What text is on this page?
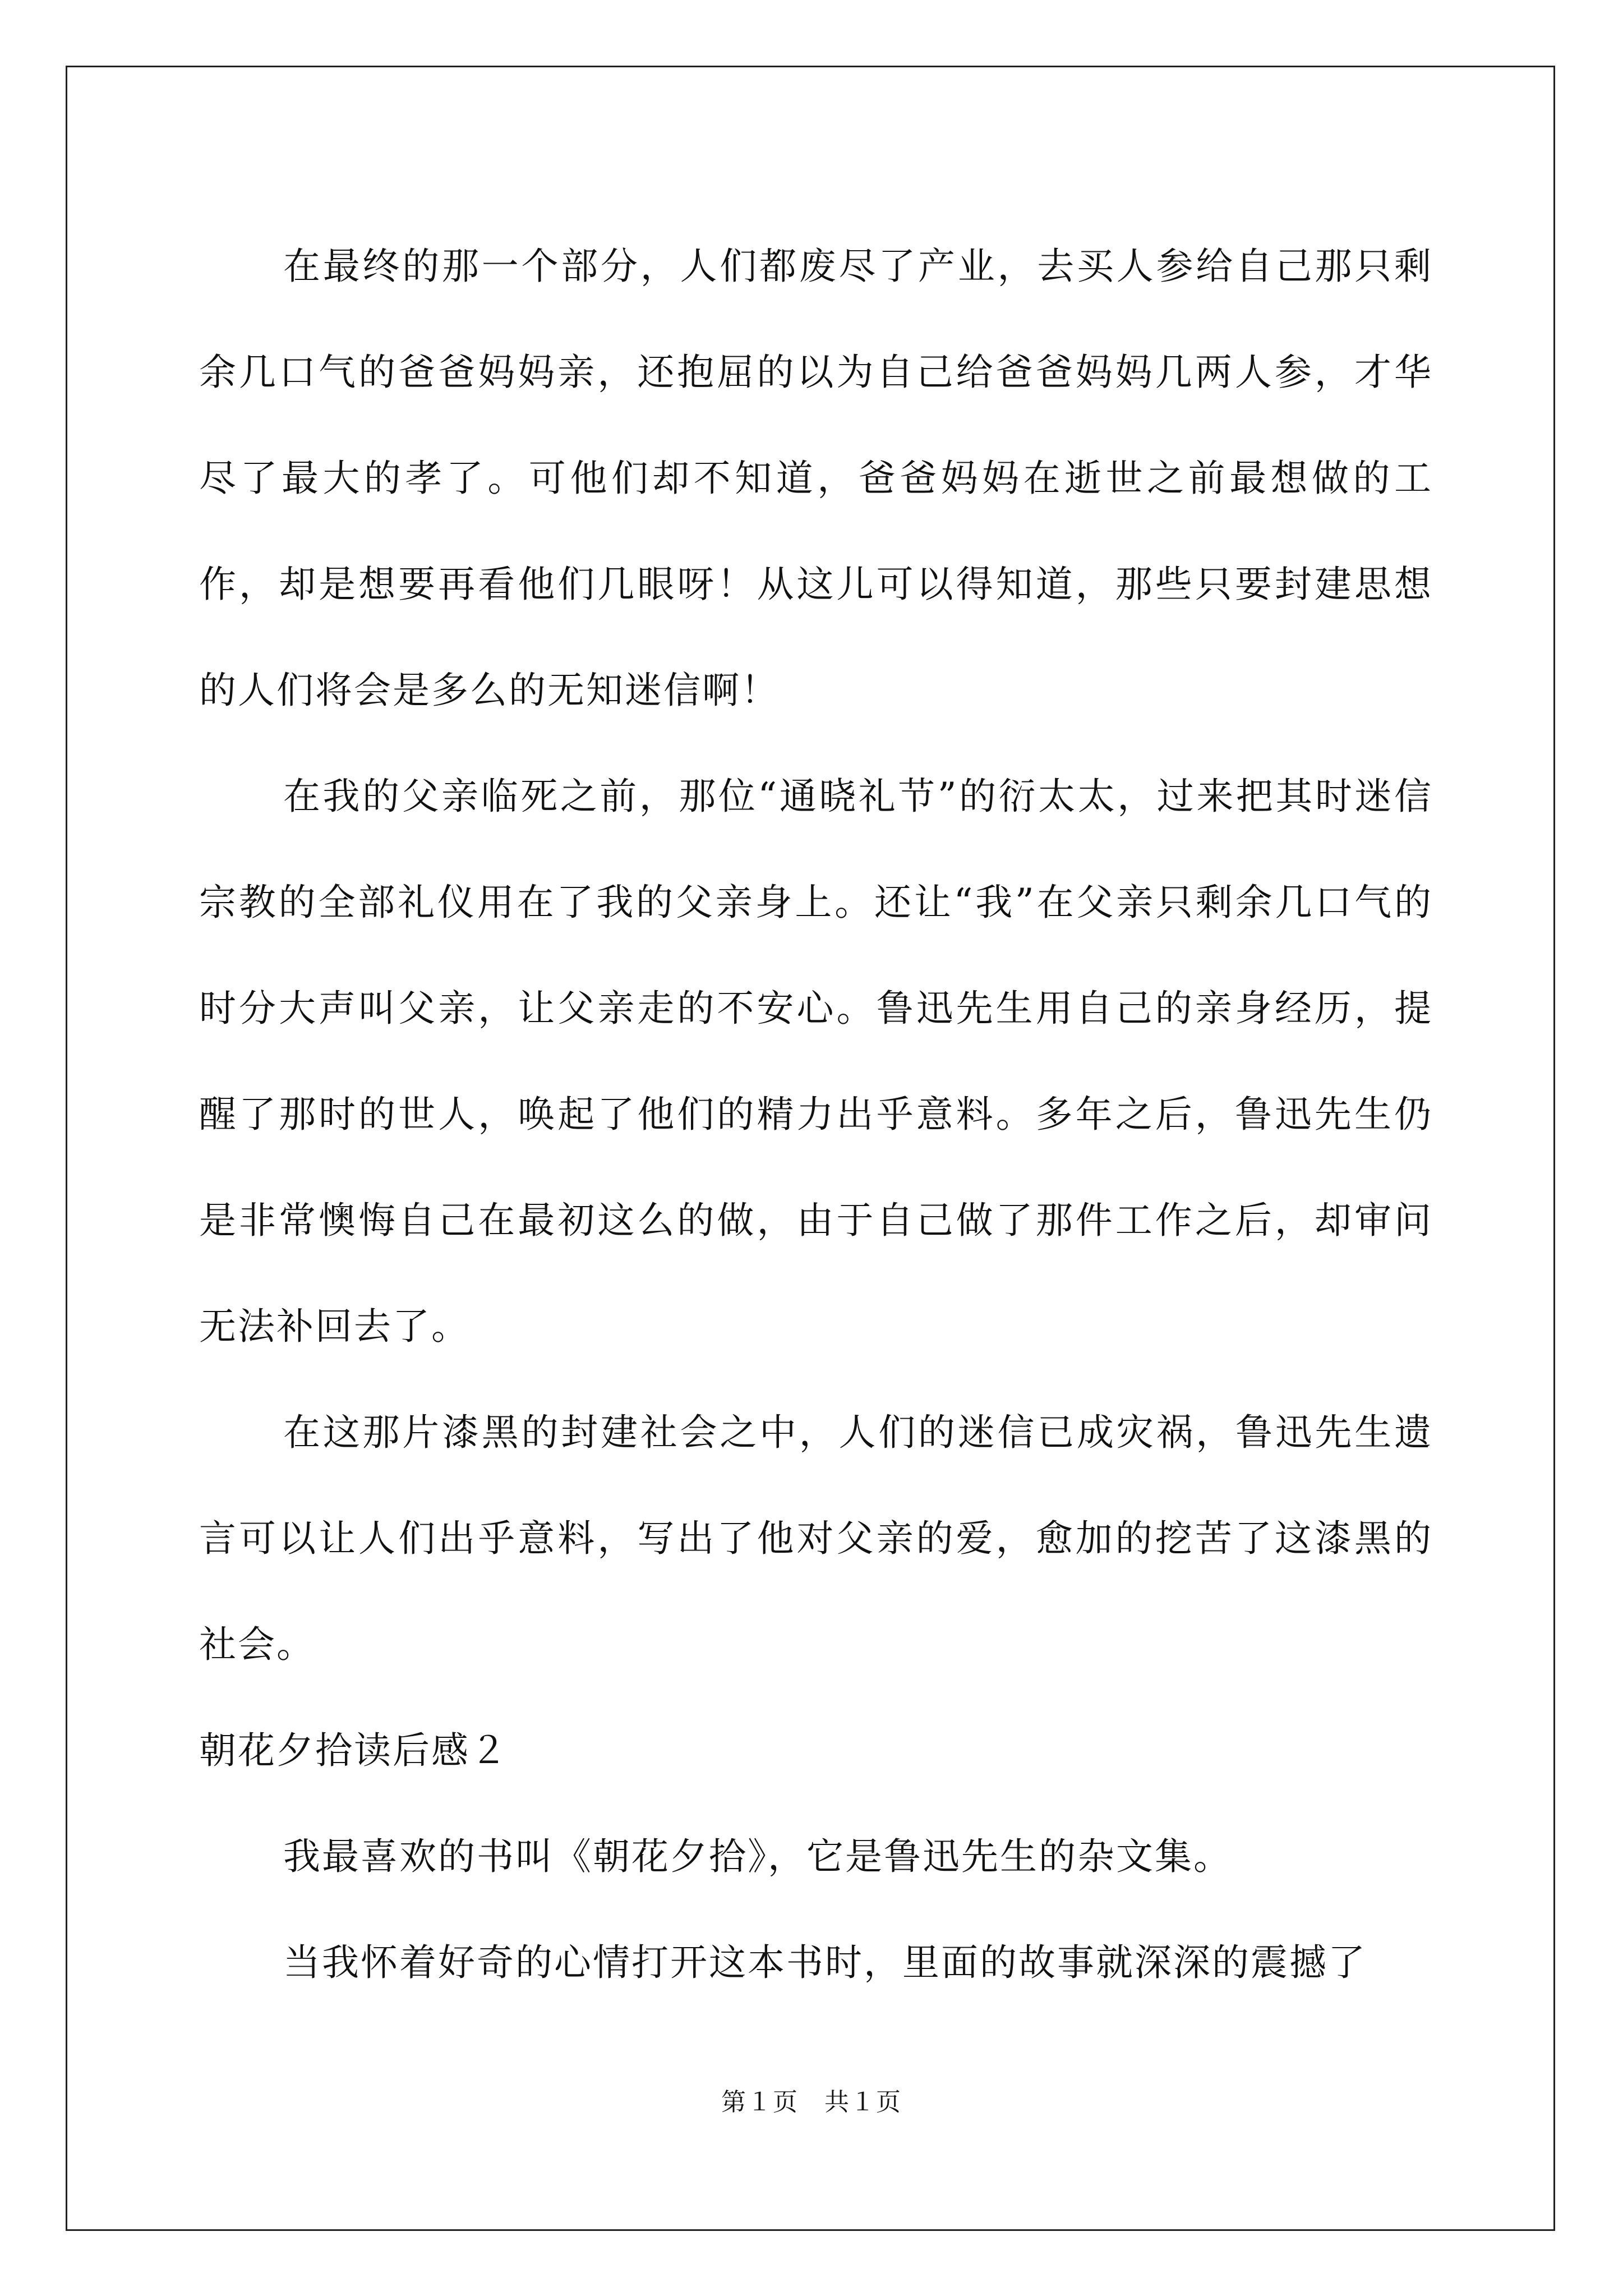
在最终的那一个部分，人们都废尽了产业，去买人参给自己那只剩余几口气的爸爸妈妈亲，还抱屈的以为自己给爸爸妈妈几两人参，才华尽了最大的孝了。可他们却不知道，爸爸妈妈在逝世之前最想做的工作，却是想要再看他们几眼呀！从这儿可以得知道，那些只要封建思想的人们将会是多么的无知迷信啊！

在我的父亲临死之前，那位“通晓礼节”的衍太太，过来把其时迷信宗教的全部礼仪用在了我的父亲身上。还让“我”在父亲只剩余几口气的时分大声叫父亲，让父亲走的不安心。鲁迅先生用自己的亲身经历，提醒了那时的世人，唤起了他们的精力出乎意料。多年之后，鲁迅先生仍是非常懊悔自己在最初这么的做，由于自己做了那件工作之后，却审问无法补回去了。

在这那片漆黑的封建社会之中，人们的迷信已成灾祸，鲁迅先生遗言可以让人们出乎意料，写出了他对父亲的爱，愈加的挖苦了这漆黑的社会。

朝花夕拾读后感２

我最喜欢的书叫《朝花夕拾》，它是鲁迅先生的杂文集。

当我怀着好奇的心情打开这本书时，里面的故事就深深的震撼了

第１页　共１页
